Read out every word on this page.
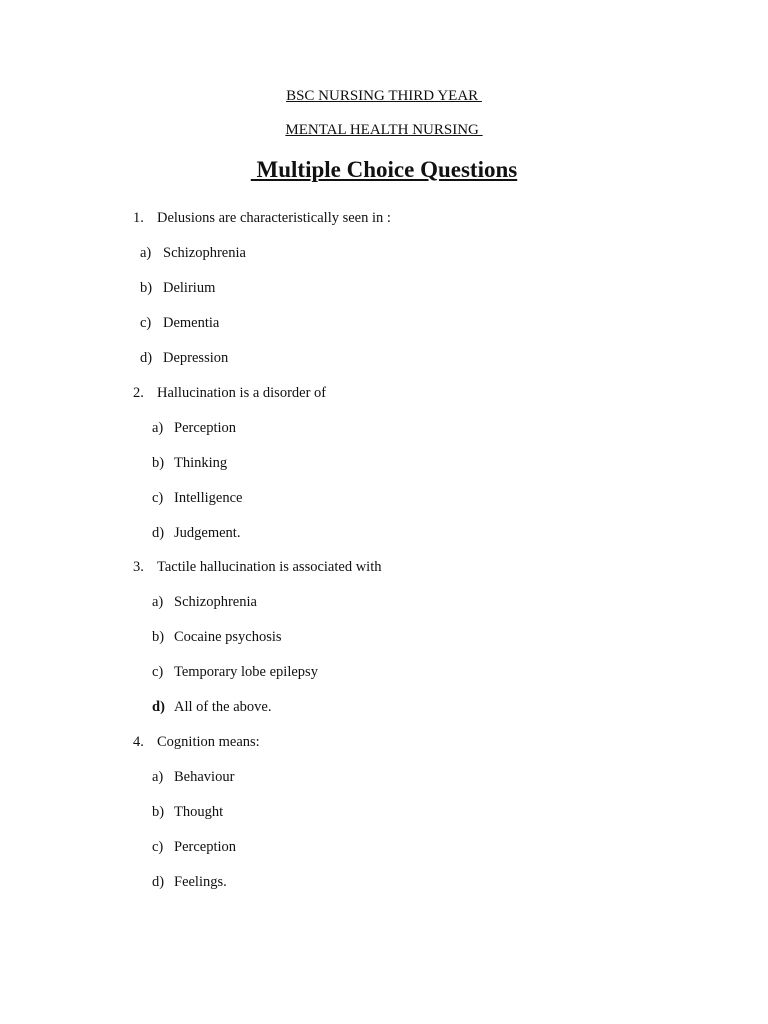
BSC NURSING THIRD YEAR
MENTAL HEALTH NURSING
Multiple Choice Questions
1. Delusions are characteristically seen in :
a) Schizophrenia
b) Delirium
c) Dementia
d) Depression
2. Hallucination is a disorder of
a) Perception
b) Thinking
c) Intelligence
d) Judgement.
3. Tactile hallucination is associated with
a) Schizophrenia
b) Cocaine psychosis
c) Temporary lobe epilepsy
d) All of the above.
4. Cognition means:
a) Behaviour
b) Thought
c) Perception
d) Feelings.
